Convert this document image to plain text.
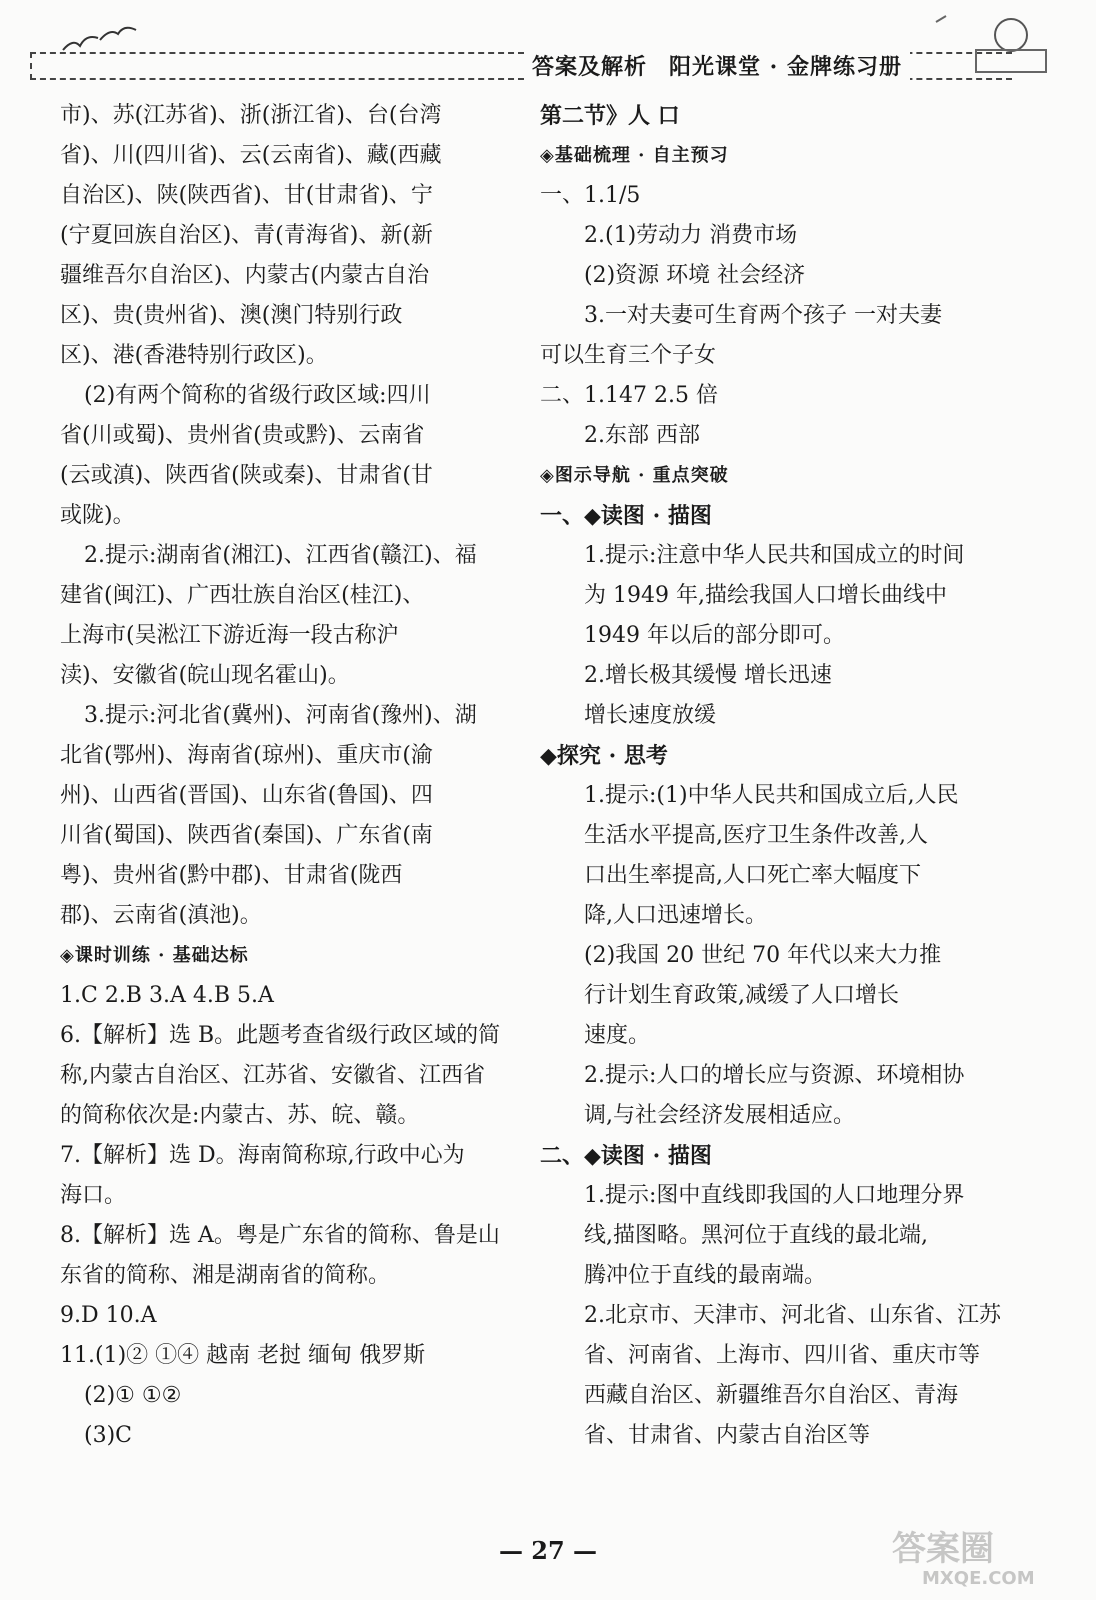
答案及解析 阳光课堂 · 金牌练习册
市)、苏(江苏省)、浙(浙江省)、台(台湾
省)、川(四川省)、云(云南省)、藏(西藏
自治区)、陕(陕西省)、甘(甘肃省)、宁
(宁夏回族自治区)、青(青海省)、新(新
疆维吾尔自治区)、内蒙古(内蒙古自治
区)、贵(贵州省)、澳(澳门特别行政
区)、港(香港特别行政区)。
(2)有两个简称的省级行政区域:四川
省(川或蜀)、贵州省(贵或黔)、云南省
(云或滇)、陕西省(陕或秦)、甘肃省(甘
或陇)。
2.提示:湖南省(湘江)、江西省(赣江)、福
建省(闽江)、广西壮族自治区(桂江)、
上海市(吴淞江下游近海一段古称沪
渎)、安徽省(皖山现名霍山)。
3.提示:河北省(冀州)、河南省(豫州)、湖
北省(鄂州)、海南省(琼州)、重庆市(渝
州)、山西省(晋国)、山东省(鲁国)、四
川省(蜀国)、陕西省(秦国)、广东省(南
粤)、贵州省(黔中郡)、甘肃省(陇西
郡)、云南省(滇池)。
◈课时训练 · 基础达标
1.C 2.B 3.A 4.B 5.A
6.【解析】选 B。此题考查省级行政区域的简
称,内蒙古自治区、江苏省、安徽省、江西省
的简称依次是:内蒙古、苏、皖、赣。
7.【解析】选 D。海南简称琼,行政中心为
海口。
8.【解析】选 A。粤是广东省的简称、鲁是山
东省的简称、湘是湖南省的简称。
9.D 10.A
11.(1)② ①④ 越南 老挝 缅甸 俄罗斯
(2)① ①②
(3)C
第二节》人 口
◈基础梳理 · 自主预习
一、1.1/5
2.(1)劳动力 消费市场
(2)资源 环境 社会经济
3.一对夫妻可生育两个孩子 一对夫妻
可以生育三个子女
二、1.147 2.5 倍
2.东部 西部
◈图示导航 · 重点突破
一、◆读图 · 描图
1.提示:注意中华人民共和国成立的时间
为 1949 年,描绘我国人口增长曲线中
1949 年以后的部分即可。
2.增长极其缓慢 增长迅速
增长速度放缓
◆探究 · 思考
1.提示:(1)中华人民共和国成立后,人民
生活水平提高,医疗卫生条件改善,人
口出生率提高,人口死亡率大幅度下
降,人口迅速增长。
(2)我国 20 世纪 70 年代以来大力推
行计划生育政策,减缓了人口增长
速度。
2.提示:人口的增长应与资源、环境相协
调,与社会经济发展相适应。
二、◆读图 · 描图
1.提示:图中直线即我国的人口地理分界
线,描图略。黑河位于直线的最北端,
腾冲位于直线的最南端。
2.北京市、天津市、河北省、山东省、江苏
省、河南省、上海市、四川省、重庆市等
西藏自治区、新疆维吾尔自治区、青海
省、甘肃省、内蒙古自治区等
— 27 —	答案圈
MXQE.COM
